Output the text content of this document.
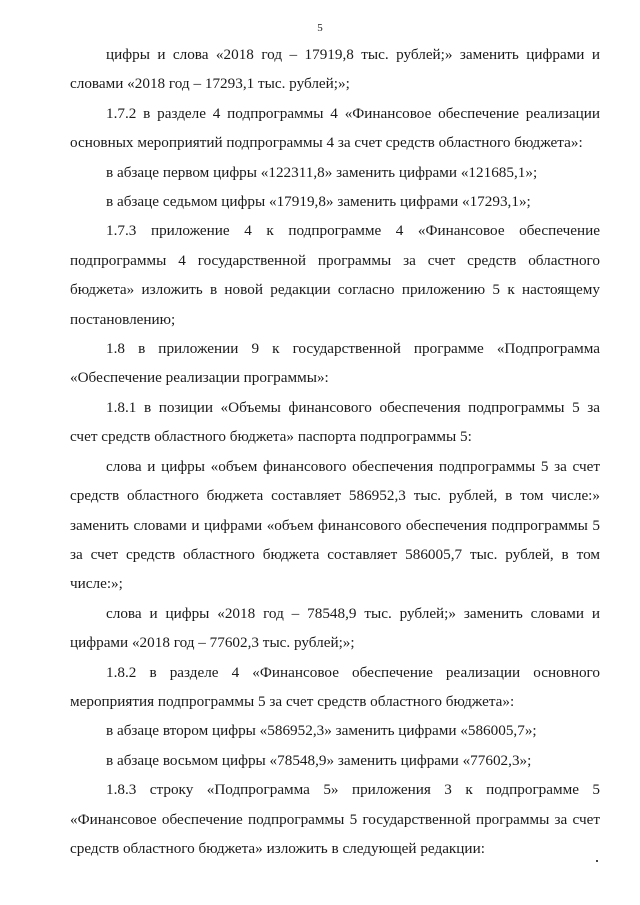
5

цифры и слова «2018 год – 17919,8 тыс. рублей;» заменить цифрами и словами «2018 год – 17293,1 тыс. рублей;»;

1.7.2 в разделе 4 подпрограммы 4 «Финансовое обеспечение реализации основных мероприятий подпрограммы 4 за счет средств областного бюджета»:

в абзаце первом цифры «122311,8» заменить цифрами «121685,1»;

в абзаце седьмом цифры «17919,8» заменить цифрами «17293,1»;

1.7.3 приложение 4 к подпрограмме 4 «Финансовое обеспечение подпрограммы 4 государственной программы за счет средств областного бюджета» изложить в новой редакции согласно приложению 5 к настоящему постановлению;

1.8 в приложении 9 к государственной программе «Подпрограмма «Обеспечение реализации программы»:

1.8.1 в позиции «Объемы финансового обеспечения подпрограммы 5 за счет средств областного бюджета» паспорта подпрограммы 5:

слова и цифры «объем финансового обеспечения подпрограммы 5 за счет средств областного бюджета составляет 586952,3 тыс. рублей, в том числе:» заменить словами и цифрами «объем финансового обеспечения подпрограммы 5 за счет средств областного бюджета составляет 586005,7 тыс. рублей, в том числе:»;

слова и цифры «2018 год – 78548,9 тыс. рублей;» заменить словами и цифрами «2018 год – 77602,3 тыс. рублей;»;

1.8.2 в разделе 4 «Финансовое обеспечение реализации основного мероприятия подпрограммы 5 за счет средств областного бюджета»:

в абзаце втором цифры «586952,3» заменить цифрами «586005,7»;

в абзаце восьмом цифры «78548,9» заменить цифрами «77602,3»;

1.8.3 строку «Подпрограмма 5» приложения 3 к подпрограмме 5 «Финансовое обеспечение подпрограммы 5 государственной программы за счет средств областного бюджета» изложить в следующей редакции:
